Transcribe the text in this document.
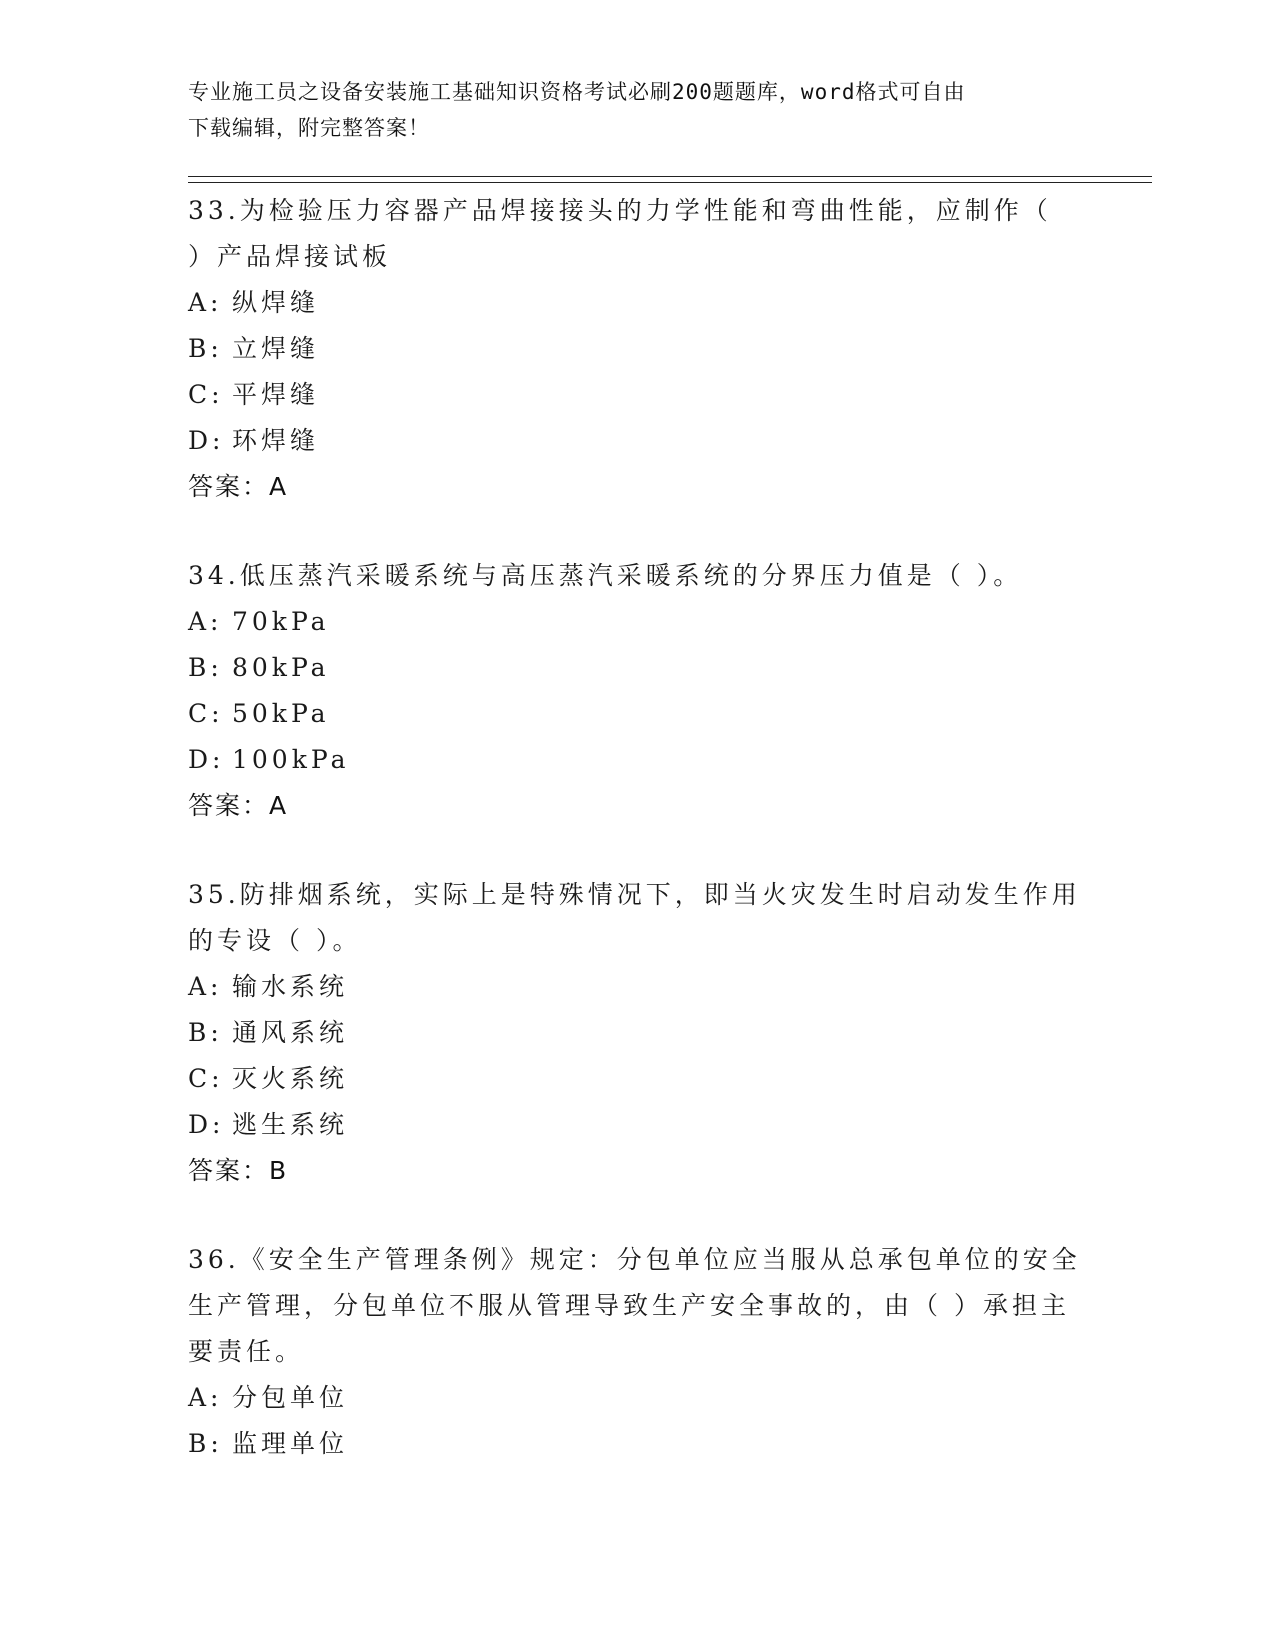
专业施工员之设备安装施工基础知识资格考试必刷200题题库，word格式可自由
下载编辑，附完整答案！

33.为检验压力容器产品焊接接头的力学性能和弯曲性能，应制作（

）产品焊接试板

A: 纵焊缝

B: 立焊缝

C: 平焊缝

D: 环焊缝

答案：A

34.低压蒸汽采暖系统与高压蒸汽采暖系统的分界压力值是（ ）。

A: 70kPa

B: 80kPa

C: 50kPa

D: 100kPa

答案：A

35.防排烟系统，实际上是特殊情况下，即当火灾发生时启动发生作用

的专设（ ）。

A: 输水系统

B: 通风系统

C: 灭火系统

D: 逃生系统

答案：B

36.《安全生产管理条例》规定：分包单位应当服从总承包单位的安全

生产管理，分包单位不服从管理导致生产安全事故的，由（ ）承担主

要责任。

A: 分包单位

B: 监理单位
